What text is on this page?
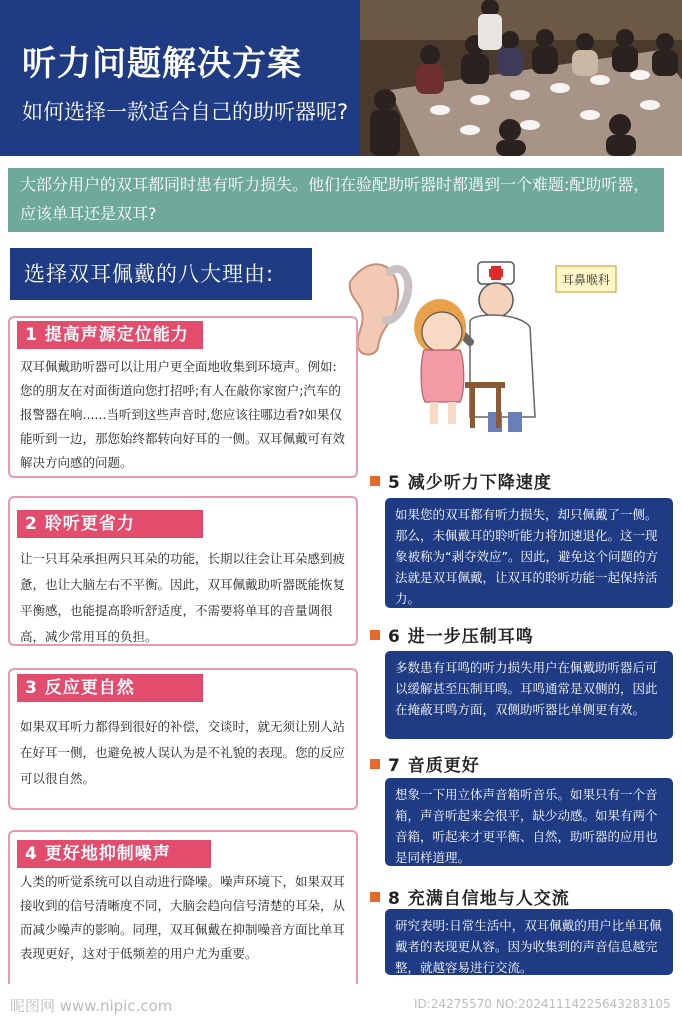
听力问题解决方案
如何选择一款适合自己的助听器呢?
大部分用户的双耳都同时患有听力损失。他们在验配助听器时都遇到一个难题:配助听器，应该单耳还是双耳?
选择双耳佩戴的八大理由:	耳鼻喉科
1 提高声源定位能力
双耳佩戴助听器可以让用户更全面地收集到环境声。例如:您的朋友在对面街道向您打招呼;有人在敲你家窗户;汽车的报警器在响......当听到这些声音时,您应该往哪边看?如果仅能听到一边，那您始终都转向好耳的一侧。双耳佩戴可有效解决方向感的问题。
2 聆听更省力
让一只耳朵承担两只耳朵的功能，长期以往会让耳朵感到疲惫，也让大脑左右不平衡。因此，双耳佩戴助听器既能恢复平衡感，也能提高聆听舒适度，不需要将单耳的音量调很高，减少常用耳的负担。
3 反应更自然
如果双耳听力都得到很好的补偿，交谈时，就无须让别人站在好耳一侧，也避免被人误认为是不礼貌的表现。您的反应可以很自然。
4 更好地抑制噪声
人类的听觉系统可以自动进行降噪。噪声环境下，如果双耳接收到的信号清晰度不同，大脑会趋向信号清楚的耳朵，从而减少噪声的影响。同理，双耳佩戴在抑制噪音方面比单耳表现更好，这对于低频差的用户尤为重要。
5 减少听力下降速度
如果您的双耳都有听力损失，却只佩戴了一侧。那么，未佩戴耳的聆听能力将加速退化。这一现象被称为“剥夺效应”。因此，避免这个问题的方法就是双耳佩戴，让双耳的聆听功能一起保持活力。
6 进一步压制耳鸣
多数患有耳鸣的听力损失用户在佩戴助听器后可以缓解甚至压制耳鸣。耳鸣通常是双侧的，因此在掩蔽耳鸣方面，双侧助听器比单侧更有效。
7 音质更好
想象一下用立体声音箱听音乐。如果只有一个音箱，声音听起来会很平，缺少动感。如果有两个音箱，听起来才更平衡、自然，助听器的应用也是同样道理。
8 充满自信地与人交流
研究表明:日常生活中，双耳佩戴的用户比单耳佩戴者的表现更从容。因为收集到的声音信息越完整，就越容易进行交流。
昵图网 www.nipic.com	ID:24275570 NO:20241114225643283105
